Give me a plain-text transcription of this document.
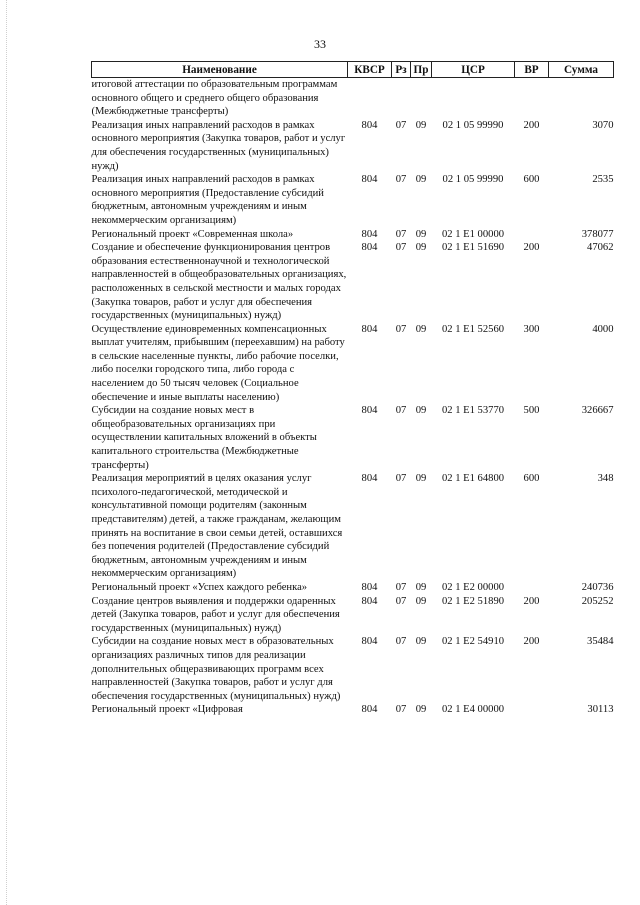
33
Наименование	КВСР	Рз	Пр	ЦСР	ВР	Сумма
итоговой аттестации по образовательным программам основного общего и среднего общего образования (Межбюджетные трансферты)						
Реализация иных направлений расходов в рамках основного мероприятия (Закупка товаров, работ и услуг для обеспечения государственных (муниципальных) нужд)	804	07	09	02 1 05 99990	200	3070
Реализация иных направлений расходов в рамках основного мероприятия (Предоставление субсидий бюджетным, автономным учреждениям и иным некоммерческим организациям)	804	07	09	02 1 05 99990	600	2535
Региональный проект «Современная школа»	804	07	09	02 1 E1 00000		378077
Создание и обеспечение функционирования центров образования естественнонаучной и технологической направленностей в общеобразовательных организациях, расположенных в сельской местности и малых городах (Закупка товаров, работ и услуг для обеспечения государственных (муниципальных) нужд)	804	07	09	02 1 E1 51690	200	47062
Осуществление единовременных компенсационных выплат учителям, прибывшим (переехавшим) на работу в сельские населенные пункты, либо рабочие поселки, либо поселки городского типа, либо города с населением до 50 тысяч человек (Социальное обеспечение и иные выплаты населению)	804	07	09	02 1 E1 52560	300	4000
Субсидии на создание новых мест в общеобразовательных организациях при осуществлении капитальных вложений в объекты капитального строительства (Межбюджетные трансферты)	804	07	09	02 1 E1 53770	500	326667
Реализация мероприятий в целях оказания услуг психолого-педагогической, методической и консультативной помощи родителям (законным представителям) детей, а также гражданам, желающим принять на воспитание в свои семьи детей, оставшихся без попечения родителей (Предоставление субсидий бюджетным, автономным учреждениям и иным некоммерческим организациям)	804	07	09	02 1 E1 64800	600	348
Региональный проект «Успех каждого ребенка»	804	07	09	02 1 E2 00000		240736
Создание центров выявления и поддержки одаренных детей (Закупка товаров, работ и услуг для обеспечения государственных (муниципальных) нужд)	804	07	09	02 1 E2 51890	200	205252
Субсидии на создание новых мест в образовательных организациях различных типов для реализации дополнительных общеразвивающих программ всех направленностей (Закупка товаров, работ и услуг для обеспечения государственных (муниципальных) нужд)	804	07	09	02 1 E2 54910	200	35484
Региональный проект «Цифровая	804	07	09	02 1 E4 00000		30113
